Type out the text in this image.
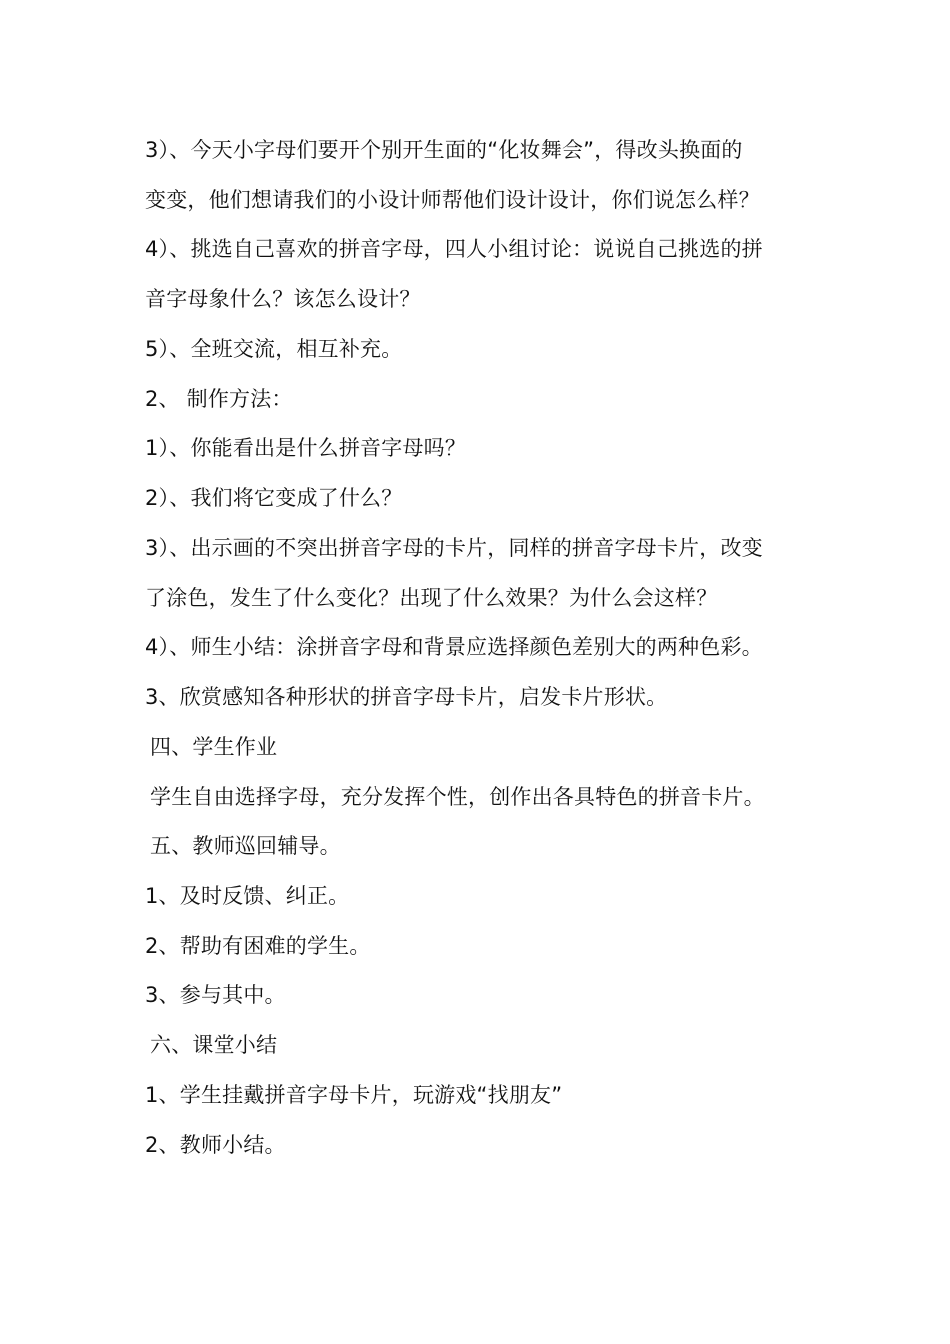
3）、今天小字母们要开个别开生面的“化妆舞会”，得改头换面的
变变，他们想请我们的小设计师帮他们设计设计，你们说怎么样？
4）、挑选自己喜欢的拼音字母，四人小组讨论：说说自己挑选的拼
音字母象什么？该怎么设计？
5）、全班交流，相互补充。
2、 制作方法：
1）、你能看出是什么拼音字母吗？
2）、我们将它变成了什么？
3）、出示画的不突出拼音字母的卡片，同样的拼音字母卡片，改变
了涂色，发生了什么变化？出现了什么效果？为什么会这样？
4）、师生小结：涂拼音字母和背景应选择颜色差别大的两种色彩。
3、欣赏感知各种形状的拼音字母卡片，启发卡片形状。
四、学生作业
学生自由选择字母，充分发挥个性，创作出各具特色的拼音卡片。
五、教师巡回辅导。
1、及时反馈、纠正。
2、帮助有困难的学生。
3、参与其中。
六、课堂小结
1、学生挂戴拼音字母卡片，玩游戏“找朋友”
2、教师小结。
